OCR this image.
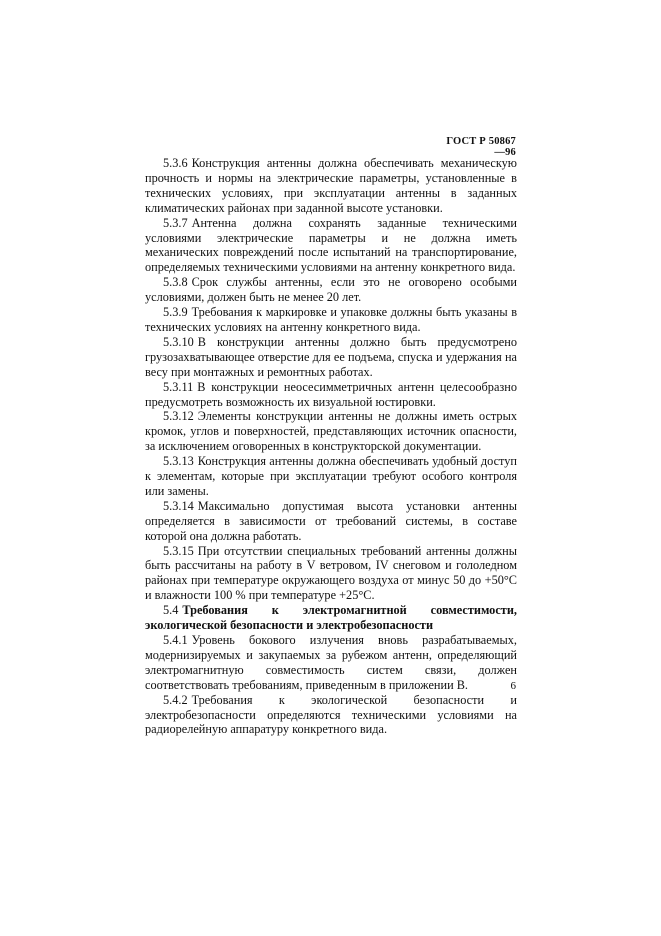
ГОСТ Р 50867—96

5.3.6 Конструкция антенны должна обеспечивать механическую прочность и нормы на электрические параметры, установленные в технических условиях, при эксплуатации антенны в заданных климатических районах при заданной высоте установки.

5.3.7 Антенна должна сохранять заданные техническими условиями электрические параметры и не должна иметь механических повреждений после испытаний на транспортирование, определяемых техническими условиями на антенну конкретного вида.

5.3.8 Срок службы антенны, если это не оговорено особыми условиями, должен быть не менее 20 лет.

5.3.9 Требования к маркировке и упаковке должны быть указаны в технических условиях на антенну конкретного вида.

5.3.10 В конструкции антенны должно быть предусмотрено грузозахватывающее отверстие для ее подъема, спуска и удержания на весу при монтажных и ремонтных работах.

5.3.11 В конструкции неосесимметричных антенн целесообразно предусмотреть возможность их визуальной юстировки.

5.3.12 Элементы конструкции антенны не должны иметь острых кромок, углов и поверхностей, представляющих источник опасности, за исключением оговоренных в конструкторской документации.

5.3.13 Конструкция антенны должна обеспечивать удобный доступ к элементам, которые при эксплуатации требуют особого контроля или замены.

5.3.14 Максимально допустимая высота установки антенны определяется в зависимости от требований системы, в составе которой она должна работать.

5.3.15 При отсутствии специальных требований антенны должны быть рассчитаны на работу в V ветровом, IV снеговом и гололедном районах при температуре окружающего воздуха от минус 50 до +50°С и влажности 100 % при температуре +25°С.

5.4 Требования к электромагнитной совместимости, экологической безопасности и электробезопасности

5.4.1 Уровень бокового излучения вновь разрабатываемых, модернизируемых и закупаемых за рубежом антенн, определяющий электромагнитную совместимость систем связи, должен соответствовать требованиям, приведенным в приложении В.

5.4.2 Требования к экологической безопасности и электробезопасности определяются техническими условиями на радиорелейную аппаратуру конкретного вида.

6
